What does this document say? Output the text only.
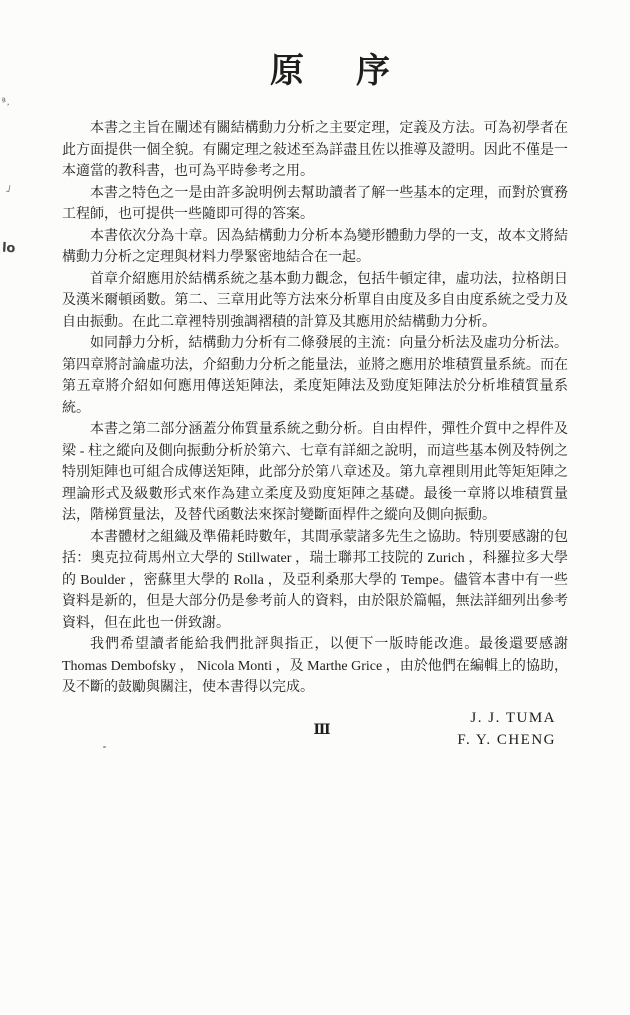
ª¸
¬
lo
原 序

本書之主旨在闡述有關結構動力分析之主要定理，定義及方法。可為初學者在此方面提供一個全貌。有關定理之敍述至為詳盡且佐以推導及證明。因此不僅是一本適當的教科書，也可為平時參考之用。

本書之特色之一是由許多說明例去幫助讀者了解一些基本的定理，而對於實務工程師，也可提供一些隨即可得的答案。

本書依次分為十章。因為結構動力分析本為變形體動力學的一支，故本文將結構動力分析之定理與材料力學緊密地結合在一起。

首章介紹應用於結構系統之基本動力觀念，包括牛頓定律，虛功法，拉格朗日及漢米爾頓函數。第二、三章用此等方法來分析單自由度及多自由度系統之受力及自由振動。在此二章裡特別強調褶積的計算及其應用於結構動力分析。

如同靜力分析，結構動力分析有二條發展的主流：向量分析法及虛功分析法。第四章將討論虛功法，介紹動力分析之能量法，並將之應用於堆積質量系統。而在第五章將介紹如何應用傳送矩陣法，柔度矩陣法及勁度矩陣法於分析堆積質量系統。

本書之第二部分涵蓋分佈質量系統之動分析。自由桿件，彈性介質中之桿件及梁 - 柱之縱向及側向振動分析於第六、七章有詳細之說明，而這些基本例及特例之特別矩陣也可組合成傳送矩陣，此部分於第八章述及。第九章裡則用此等矩矩陣之理論形式及級數形式來作為建立柔度及勁度矩陣之基礎。最後一章將以堆積質量法，階梯質量法，及替代函數法來探討變斷面桿件之縱向及側向振動。

本書體材之組織及準備耗時數年，其間承蒙諸多先生之協助。特別要感謝的包括：奧克拉荷馬州立大學的 Stillwater ，瑞士聯邦工技院的 Zurich ，科羅拉多大學的 Boulder ，密蘇里大學的 Rolla ，及亞利桑那大學的 Tempe。儘管本書中有一些資料是新的，但是大部分仍是參考前人的資料，由於限於篇幅，無法詳細列出參考資料，但在此也一併致謝。

我們希望讀者能給我們批評與指正，以便下一版時能改進。最後還要感謝 Thomas Dembofsky ， Nicola Monti ，及 Marthe Grice ，由於他們在編輯上的協助，及不斷的鼓勵與關注，使本書得以完成。

J. J. TUMA
F. Y. CHENG
Ⅲ
